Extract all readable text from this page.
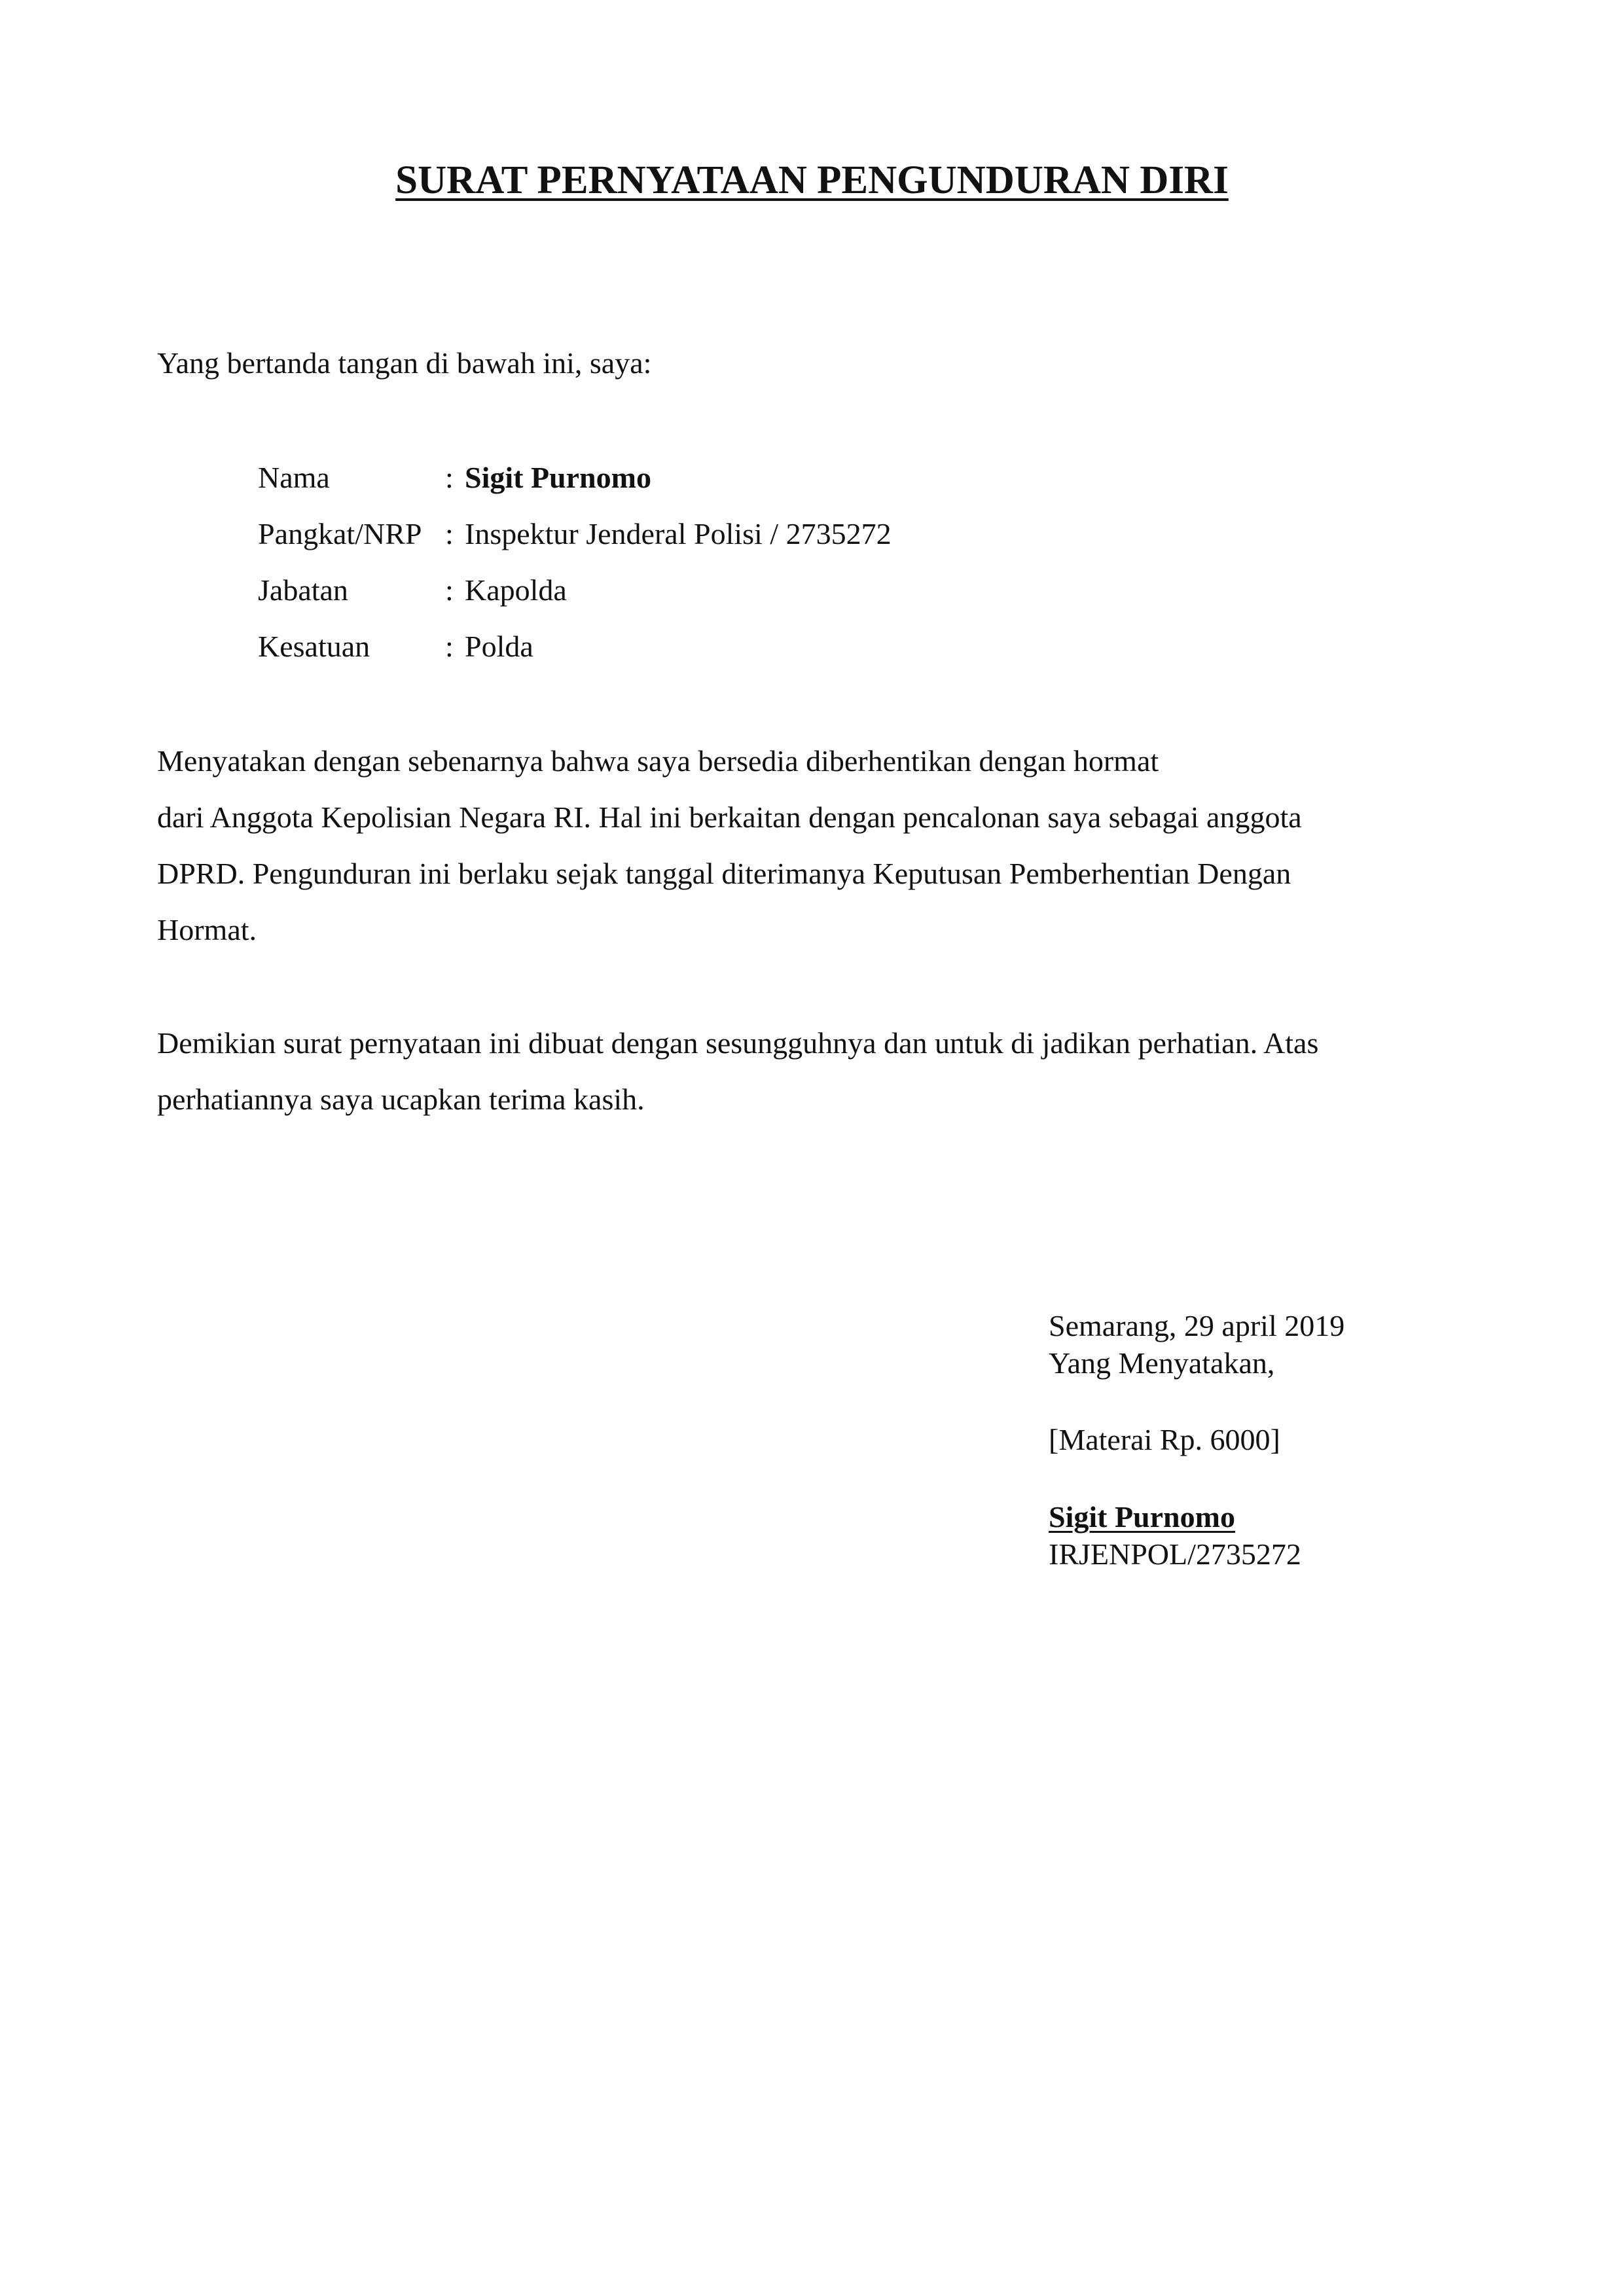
SURAT PERNYATAAN PENGUNDURAN DIRI
Yang bertanda tangan di bawah ini, saya:
Nama	: Sigit Purnomo
Pangkat/NRP : Inspektur Jenderal Polisi / 2735272
Jabatan	: Kapolda
Kesatuan : Polda
Menyatakan dengan sebenarnya bahwa saya bersedia diberhentikan dengan hormat
dari Anggota Kepolisian Negara RI. Hal ini berkaitan dengan pencalonan saya sebagai anggota
DPRD. Pengunduran ini berlaku sejak tanggal diterimanya Keputusan Pemberhentian Dengan
Hormat.
Demikian surat pernyataan ini dibuat dengan sesungguhnya dan untuk di jadikan perhatian. Atas
perhatiannya saya ucapkan terima kasih.
Semarang, 29 april 2019
Yang Menyatakan,
[Materai Rp. 6000]
Sigit Purnomo
IRJENPOL/2735272
